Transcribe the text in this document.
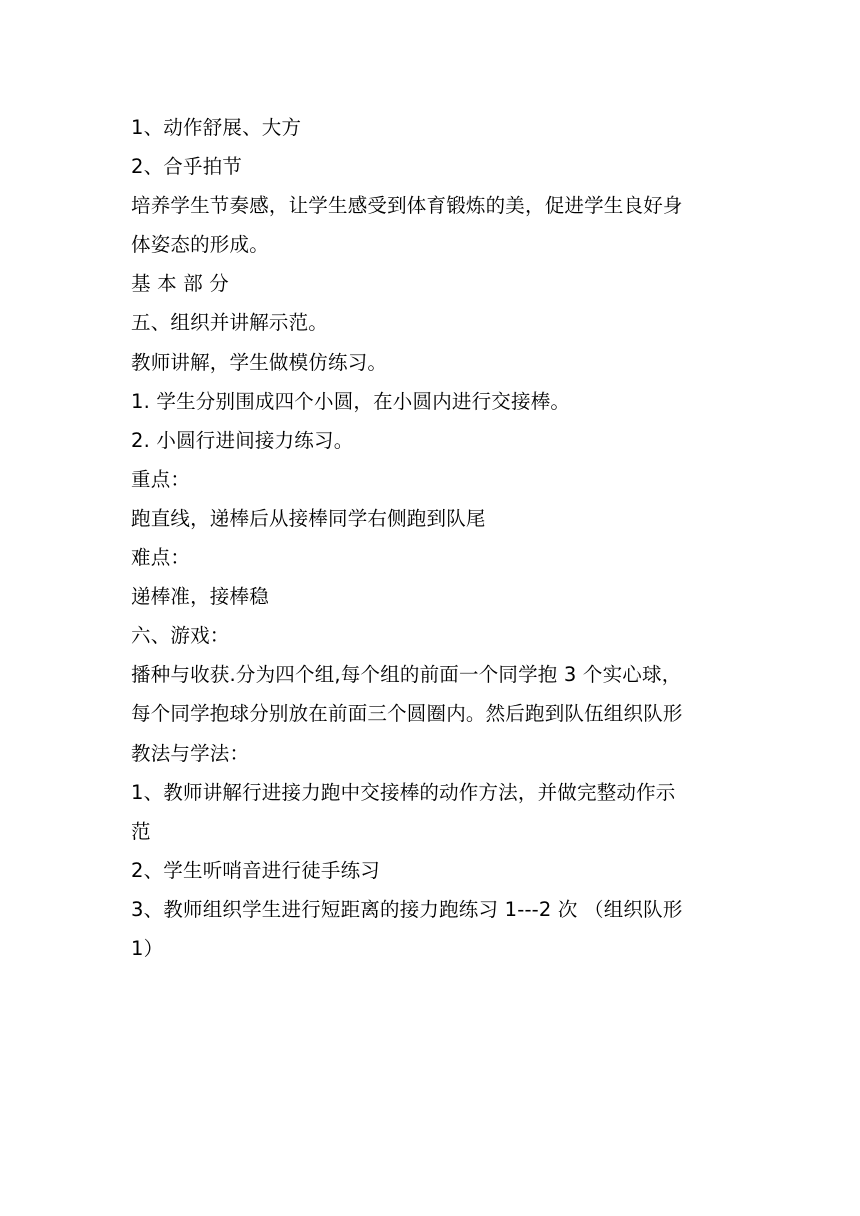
1、动作舒展、大方

2、合乎拍节

培养学生节奏感，让学生感受到体育锻炼的美，促进学生良好身

体姿态的形成。

基 本 部 分

五、组织并讲解示范。

教师讲解，学生做模仿练习。

1. 学生分别围成四个小圆，在小圆内进行交接棒。

2. 小圆行进间接力练习。

重点：

跑直线，递棒后从接棒同学右侧跑到队尾

难点：

递棒准，接棒稳

六、游戏：

播种与收获.分为四个组,每个组的前面一个同学抱 3 个实心球，

每个同学抱球分别放在前面三个圆圈内。然后跑到队伍组织队形

教法与学法：

1、教师讲解行进接力跑中交接棒的动作方法，并做完整动作示

范

2、学生听哨音进行徒手练习

3、教师组织学生进行短距离的接力跑练习 1---2 次 （组织队形

1）
